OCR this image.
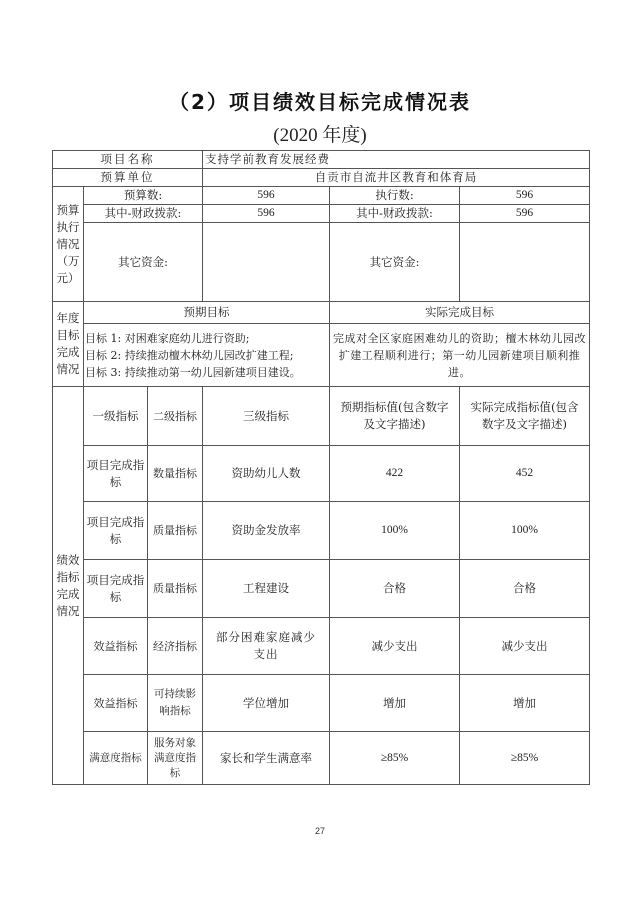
（2）项目绩效目标完成情况表
(2020 年度)
项目名称			支持学前教育发展经费		
预算单位			自贡市自流井区教育和体育局		

预算执行情况（万元）	预算数:		596	执行数:	596
	其中-财政拨款:		596	其中-财政拨款:	596
	其它资金:			其它资金:	

年度目标完成情况	预期目标			实际完成目标	

	目标 1: 对困难家庭幼儿进行资助;
目标 2: 持续推动檀木林幼儿园改扩建工程;
目标 3: 持续推动第一幼儿园新建项目建设。			完成对全区家庭困难幼儿的资助；檀木林幼儿园改扩建工程顺利进行；第一幼儿园新建项目顺利推进。	

绩效指标完成情况	一级指标	二级指标	三级指标	预期指标值(包含数字及文字描述)	实际完成指标值(包含数字及文字描述)
	项目完成指标	数量指标	资助幼儿人数	422	452
	项目完成指标	质量指标	资助金发放率	100%	100%
	项目完成指标	质量指标	工程建设	合格	合格
	效益指标	经济指标	部分困难家庭减少支出	减少支出	减少支出
	效益指标	可持续影响指标	学位增加	增加	增加
	满意度指标	服务对象满意度指标	家长和学生满意率	≥85%	≥85%
27
